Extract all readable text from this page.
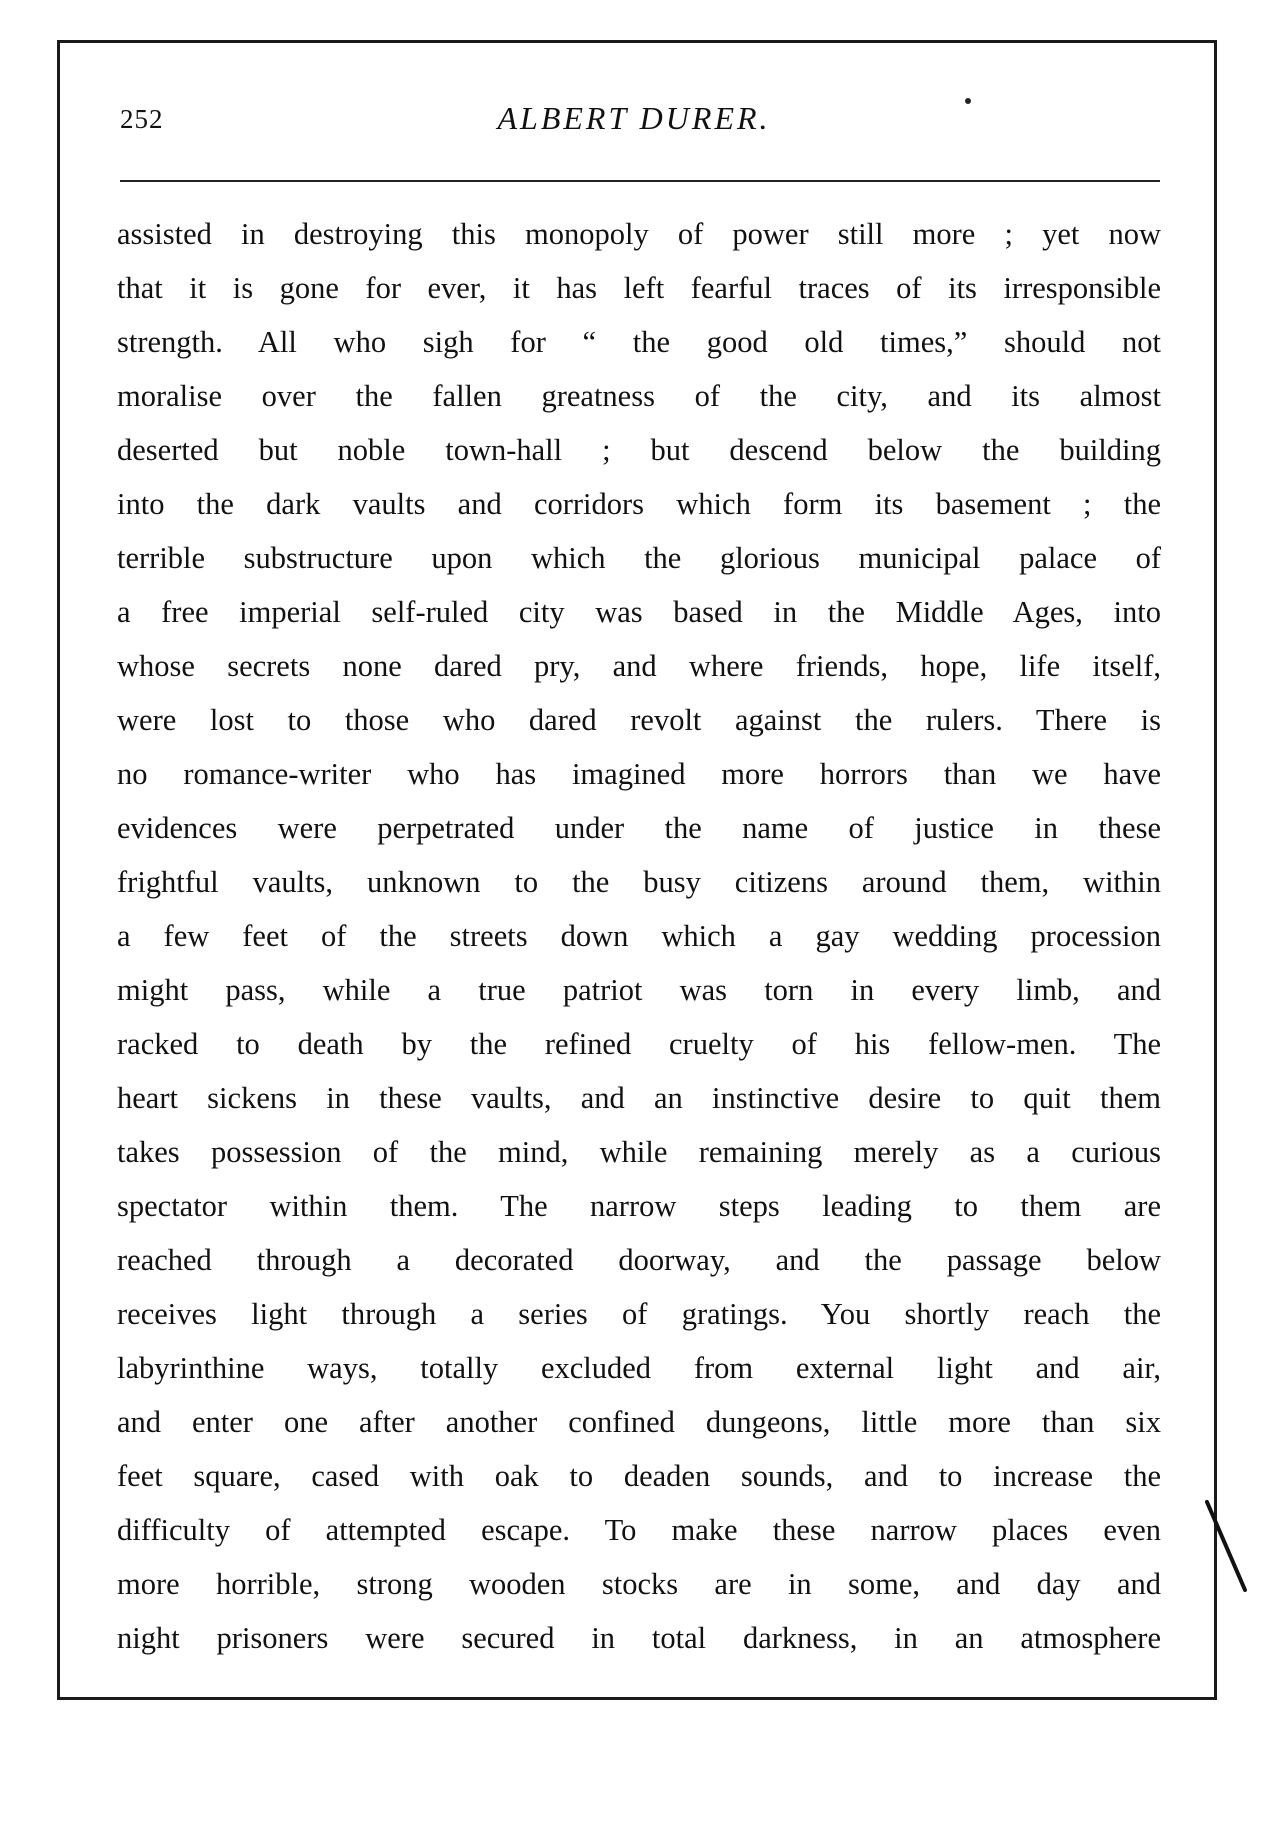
252	ALBERT DURER.
assisted in destroying this monopoly of power still more ; yet now
that it is gone for ever, it has left fearful traces of its irresponsible
strength. All who sigh for “ the good old times,” should not
moralise over the fallen greatness of the city, and its almost
deserted but noble town-hall ; but descend below the building
into the dark vaults and corridors which form its basement ; the
terrible substructure upon which the glorious municipal palace of
a free imperial self-ruled city was based in the Middle Ages, into
whose secrets none dared pry, and where friends, hope, life itself,
were lost to those who dared revolt against the rulers. There is
no romance-writer who has imagined more horrors than we have
evidences were perpetrated under the name of justice in these
frightful vaults, unknown to the busy citizens around them, within
a few feet of the streets down which a gay wedding procession
might pass, while a true patriot was torn in every limb, and
racked to death by the refined cruelty of his fellow-men. The
heart sickens in these vaults, and an instinctive desire to quit them
takes possession of the mind, while remaining merely as a curious
spectator within them. The narrow steps leading to them are
reached through a decorated doorway, and the passage below
receives light through a series of gratings. You shortly reach the
labyrinthine ways, totally excluded from external light and air,
and enter one after another confined dungeons, little more than six
feet square, cased with oak to deaden sounds, and to increase the
difficulty of attempted escape. To make these narrow places even
more horrible, strong wooden stocks are in some, and day and
night prisoners were secured in total darkness, in an atmosphere
